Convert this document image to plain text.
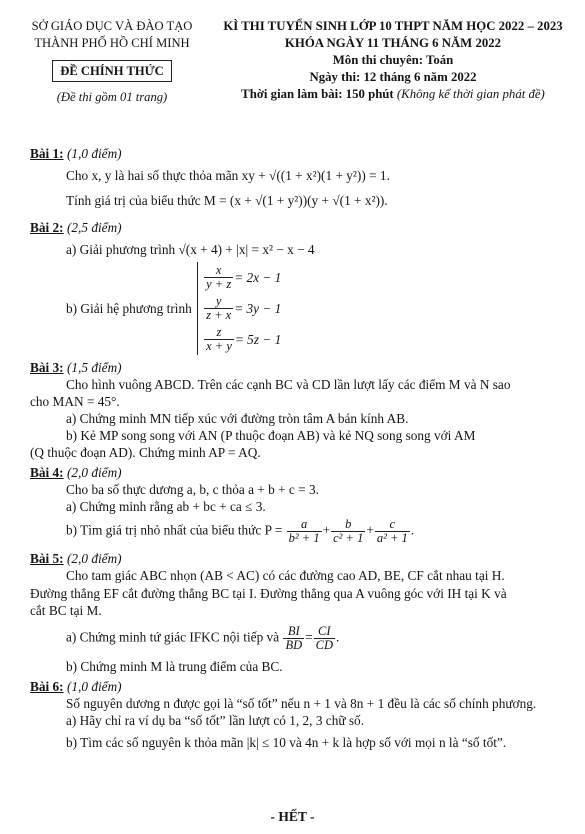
SỞ GIÁO DỤC VÀ ĐÀO TẠO
THÀNH PHỐ HỒ CHÍ MINH
ĐỀ CHÍNH THỨC
(Đề thi gồm 01 trang)
KÌ THI TUYỂN SINH LỚP 10 THPT NĂM HỌC 2022 – 2023
KHÓA NGÀY 11 THÁNG 6 NĂM 2022
Môn thi chuyên: Toán
Ngày thi: 12 tháng 6 năm 2022
Thời gian làm bài: 150 phút (Không kể thời gian phát đề)
Bài 1: (1,0 điểm)
Cho x, y là hai số thực thỏa mãn xy + √((1 + x²)(1 + y²)) = 1.
Tính giá trị của biểu thức M = (x + √(1 + y²))(y + √(1 + x²)).
Bài 2: (2,5 điểm)
a) Giải phương trình √(x + 4) + |x| = x² − x − 4
b) Giải hệ phương trình
$\frac{x}{y + z} = 2x - 1$
$\frac{y}{z + x} = 3y - 1$
$\frac{z}{x + y} = 5z - 1$
Bài 3: (1,5 điểm)
Cho hình vuông ABCD. Trên các cạnh BC và CD lần lượt lấy các điểm M và N sao
cho MAN = 45°.
a) Chứng minh MN tiếp xúc với đường tròn tâm A bán kính AB.
b) Kẻ MP song song với AN (P thuộc đoạn AB) và kẻ NQ song song với AM
(Q thuộc đoạn AD). Chứng minh AP = AQ.
Bài 4: (2,0 điểm)
Cho ba số thực dương a, b, c thỏa a + b + c = 3.
a) Chứng minh rằng ab + bc + ca ≤ 3.
b) Tìm giá trị nhỏ nhất của biểu thức $P = \frac{a}{\text{b² + 1}} + \frac{b}{\text{c² + 1}} + \frac{c}{\text{a² + 1}}$ .
Bài 5: (2,0 điểm)
Cho tam giác ABC nhọn (AB < AC) có các đường cao AD, BE, CF cắt nhau tại H.
Đường thẳng EF cắt đường thẳng BC tại I. Đường thẳng qua A vuông góc với IH tại K và
cắt BC tại M.
a) Chứng minh tứ giác IFKC nội tiếp và $\frac{BI}{BD} = \frac{CI}{CD}$ .
b) Chứng minh M là trung điểm của BC.
Bài 6: (1,0 điểm)
Số nguyên dương n được gọi là “số tốt” nếu n + 1 và 8n + 1 đều là các số chính phương.
a) Hãy chỉ ra ví dụ ba “số tốt” lần lượt có 1, 2, 3 chữ số.
b) Tìm các số nguyên k thỏa mãn |k| ≤ 10 và 4n + k là hợp số với mọi n là “số tốt”.
- HẾT -
